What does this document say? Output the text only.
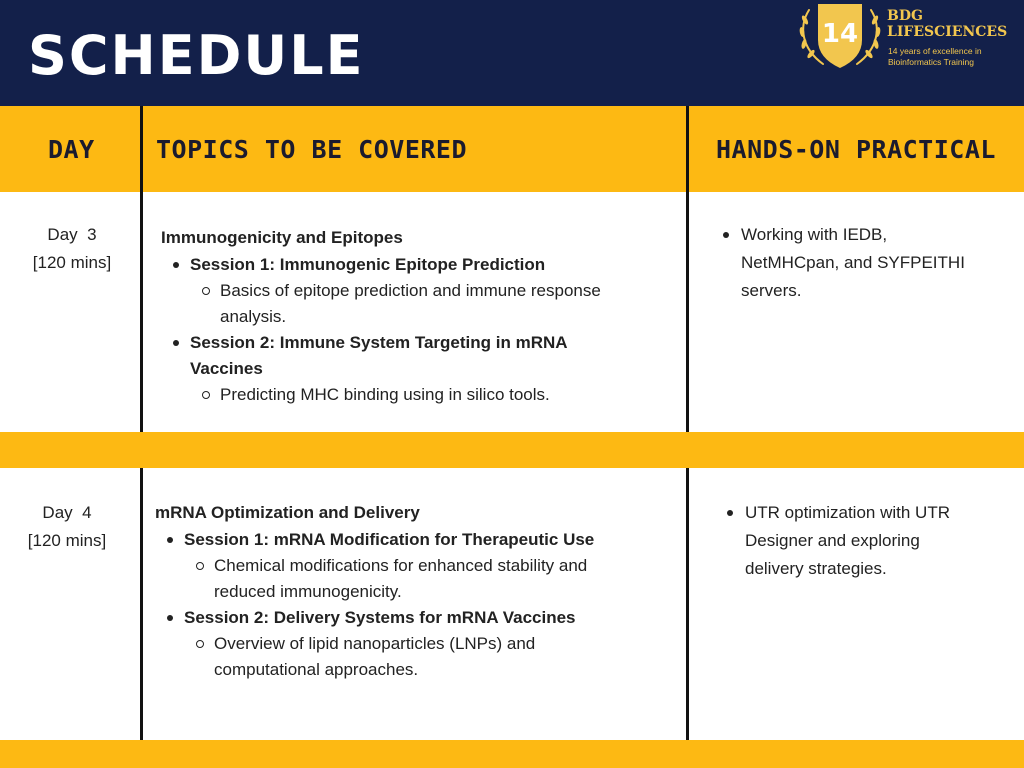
SCHEDULE	14
BDG
LIFESCIENCES
14 years of excellence in
Bioinformatics Training
DAY TOPICS TO BE COVERED	HANDS-ON PRACTICAL
Day  3
[120 mins]
Immunogenicity and Epitopes
Session 1: Immunogenic Epitope Prediction
Basics of epitope prediction and immune response
analysis.
Session 2: Immune System Targeting in mRNA
Vaccines
Predicting MHC binding using in silico tools.
Working with IEDB,
NetMHCpan, and SYFPEITHI
servers.
Day  4
[120 mins]
mRNA Optimization and Delivery
Session 1: mRNA Modification for Therapeutic Use
Chemical modifications for enhanced stability and
reduced immunogenicity.
Session 2: Delivery Systems for mRNA Vaccines
Overview of lipid nanoparticles (LNPs) and
computational approaches.
UTR optimization with UTR
Designer and exploring
delivery strategies.
